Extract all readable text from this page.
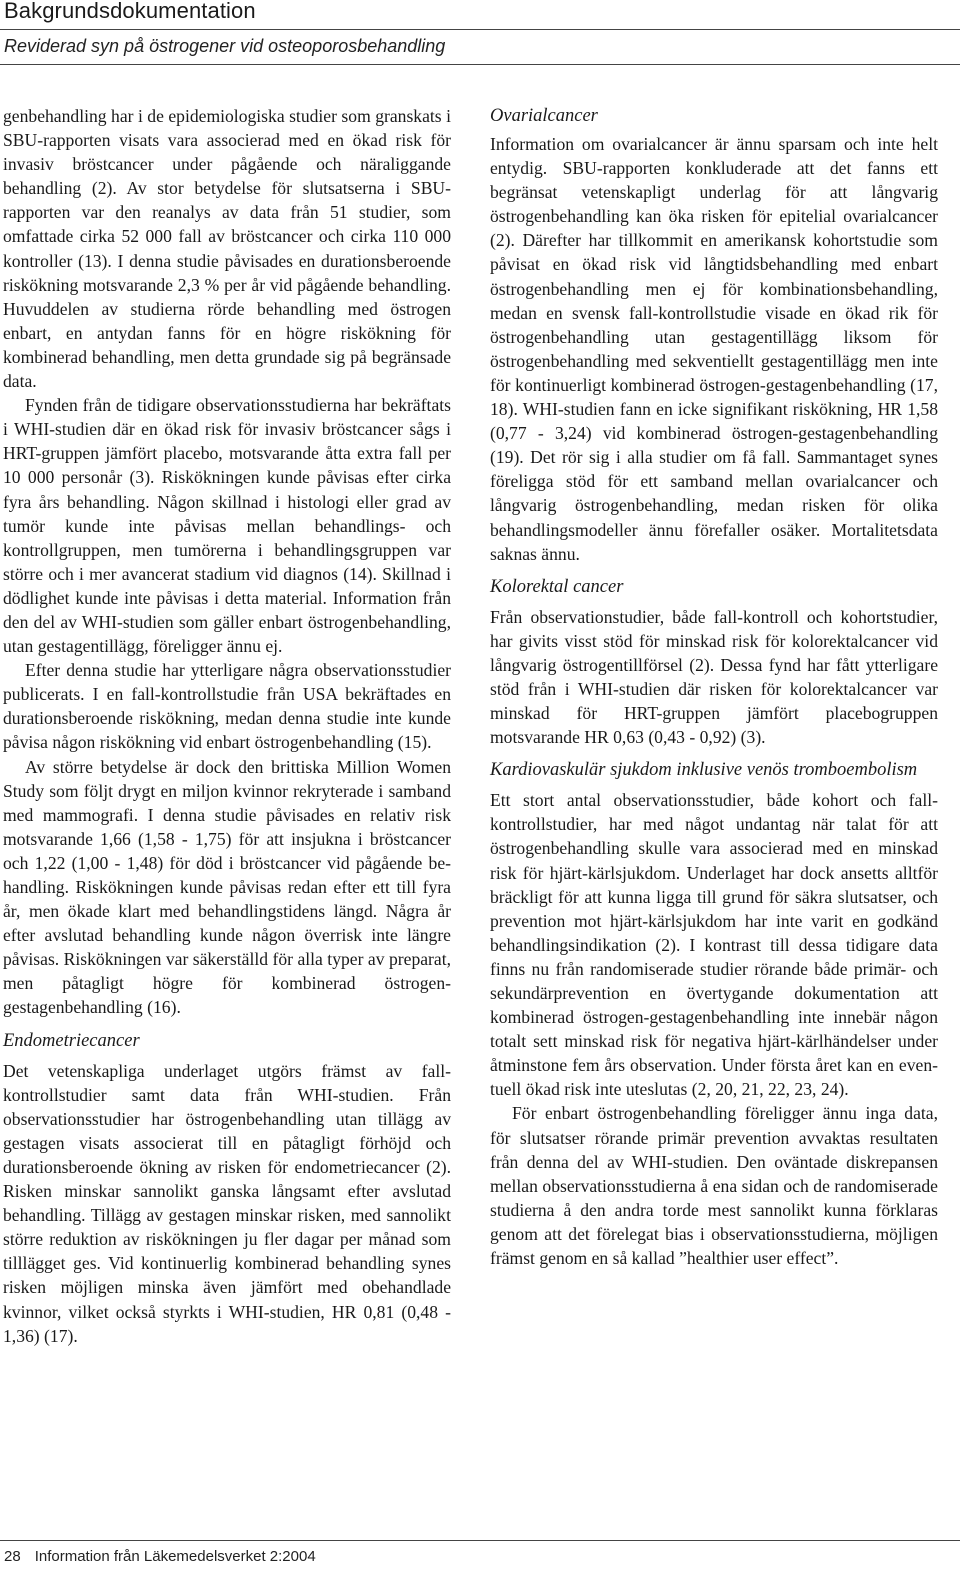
Bakgrundsdokumentation
Reviderad syn på östrogener vid osteoporosbehandling

genbehandling har i de epidemiologiska studier som granskats i SBU-rapporten visats vara associerad med en ökad risk för invasiv bröstcancer under pågående och näraliggande behandling (2). Av stor betydelse för slutsatserna i SBU-rapporten var den reanalys av data från 51 studier, som omfattade cirka 52 000 fall av bröstcancer och cirka 110 000 kontroller (13). I denna studie påvisades en durationsberoende riskökning motsvarande 2,3 % per år vid pågående behandling. Huvuddelen av studierna rörde behandling med östrogen enbart, en antydan fanns för en högre riskökning för kombinerad behandling, men detta grundade sig på begränsade data.

Fynden från de tidigare observationsstudierna har bekräftats i WHI-studien där en ökad risk för invasiv bröstcancer sågs i HRT-gruppen jämfört placebo, motsvarande åtta extra fall per 10 000 personår (3). Riskökningen kunde påvisas efter cirka fyra års behandling. Någon skillnad i histologi eller grad av tumör kunde inte påvisas mellan behandlings- och kontrollgruppen, men tumörerna i behandlingsgruppen var större och i mer avancerat stadium vid diagnos (14). Skillnad i dödlighet kunde inte påvisas i detta material. Information från den del av WHI-studien som gäller enbart östrogenbehandling, utan gestagentillägg, föreligger ännu ej.

Efter denna studie har ytterligare några observationsstudier publicerats. I en fall-kontrollstudie från USA bekräftades en durationsberoende riskökning, medan denna studie inte kunde påvisa någon riskökning vid enbart östrogenbehandling (15).

Av större betydelse är dock den brittiska Million Women Study som följt drygt en miljon kvinnor rekryterade i samband med mammografi. I denna studie påvisades en relativ risk motsvarande 1,66 (1,58 - 1,75) för att insjukna i bröstcancer och 1,22 (1,00 - 1,48) för död i bröstcancer vid pågående behandling. Riskökningen kunde påvisas redan efter ett till fyra år, men ökade klart med behandlingstidens längd. Några år efter avslutad behandling kunde någon överrisk inte längre påvisas. Riskökningen var säkerställd för alla typer av preparat, men påtagligt högre för kombinerad östrogen-gestagenbehandling (16).

Endometriecancer

Det vetenskapliga underlaget utgörs främst av fall-kontrollstudier samt data från WHI-studien. Från observationsstudier har östrogenbehandling utan tillägg av gestagen visats associerat till en påtagligt förhöjd och durationsberoende ökning av risken för endometriecancer (2). Risken minskar sannolikt ganska långsamt efter avslutad behandling. Tillägg av gestagen minskar risken, med sannolikt större reduktion av riskökningen ju fler dagar per månad som tilllägget ges. Vid kontinuerlig kombinerad behandling synes risken möjligen minska även jämfört med obehandlade kvinnor, vilket också styrkts i WHI-studien, HR 0,81 (0,48 - 1,36) (17).

Ovarialcancer

Information om ovarialcancer är ännu sparsam och inte helt entydig. SBU-rapporten konkluderade att det fanns ett begränsat vetenskapligt underlag för att långvarig östrogenbehandling kan öka risken för epitelial ovarialcancer (2). Därefter har tillkommit en amerikansk kohortstudie som påvisat en ökad risk vid långtidsbehandling med enbart östrogenbehandling men ej för kombinationsbehandling, medan en svensk fall-kontrollstudie visade en ökad rik för östrogenbehandling utan gestagentillägg liksom för östrogenbehandling med sekventiellt gestagentillägg men inte för kontinuerligt kombinerad östrogen-gestagenbehandling (17, 18). WHI-studien fann en icke signifikant riskökning, HR 1,58 (0,77 - 3,24) vid kombinerad östrogen-gestagenbehandling (19). Det rör sig i alla studier om få fall. Sammantaget synes föreligga stöd för ett samband mellan ovarialcancer och långvarig östrogenbehandling, medan risken för olika behandlingsmodeller ännu förefaller osäker. Mortalitetsdata saknas ännu.

Kolorektal cancer

Från observationstudier, både fall-kontroll och kohortstudier, har givits visst stöd för minskad risk för kolorektalcancer vid långvarig östrogentillförsel (2). Dessa fynd har fått ytterligare stöd från i WHI-studien där risken för kolorektalcancer var minskad för HRT-gruppen jämfört placebogruppen motsvarande HR 0,63 (0,43 - 0,92) (3).

Kardiovaskulär sjukdom inklusive venös tromboembolism

Ett stort antal observationsstudier, både kohort och fall-kontrollstudier, har med något undantag när talat för att östrogenbehandling skulle vara associerad med en minskad risk för hjärt-kärlsjukdom. Underlaget har dock ansetts alltför bräckligt för att kunna ligga till grund för säkra slutsatser, och prevention mot hjärt-kärlsjukdom har inte varit en godkänd behandlingsindikation (2). I kontrast till dessa tidigare data finns nu från randomiserade studier rörande både primär- och sekundärprevention en övertygande dokumentation att kombinerad östrogen-gestagenbehandling inte innebär någon totalt sett minskad risk för negativa hjärt-kärlhändelser under åtminstone fem års observation. Under första året kan en eventuell ökad risk inte uteslutas (2, 20, 21, 22, 23, 24).

För enbart östrogenbehandling föreligger ännu inga data, för slutsatser rörande primär prevention avvaktas resultaten från denna del av WHI-studien. Den oväntade diskrepansen mellan observationsstudierna å ena sidan och de randomiserade studierna å den andra torde mest sannolikt kunna förklaras genom att det förelegat bias i observationsstudierna, möjligen främst genom en så kallad ”healthier user effect”.

28 Information från Läkemedelsverket 2:2004
